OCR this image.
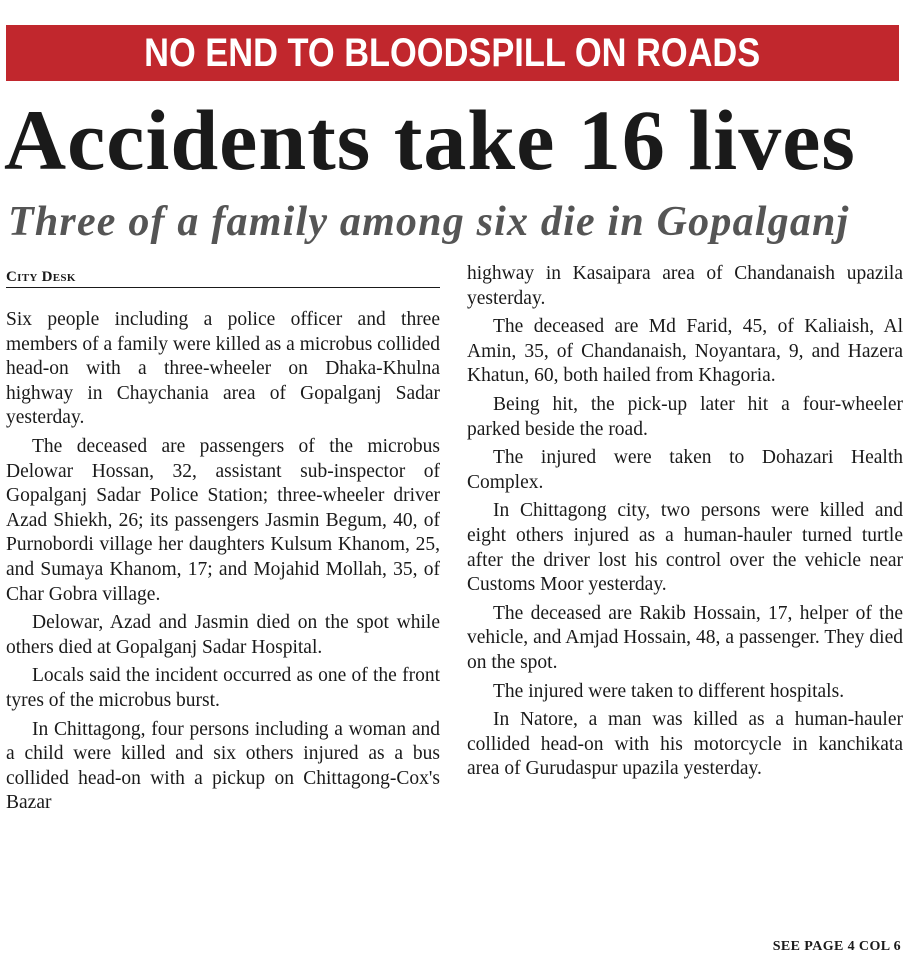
NO END TO BLOODSPILL ON ROADS
Accidents take 16 lives
Three of a family among six die in Gopalganj
City Desk

Six people including a police officer and three members of a family were killed as a microbus collided head-on with a three-wheeler on Dhaka-Khulna highway in Chaychania area of Gopalganj Sadar yesterday.

The deceased are passengers of the microbus Delowar Hossan, 32, assistant sub-inspector of Gopalganj Sadar Police Station; three-wheeler driver Azad Shiekh, 26; its passengers Jasmin Begum, 40, of Purnobordi village her daughters Kulsum Khanom, 25, and Sumaya Khanom, 17; and Mojahid Mollah, 35, of Char Gobra village.

Delowar, Azad and Jasmin died on the spot while others died at Gopalganj Sadar Hospital.

Locals said the incident occurred as one of the front tyres of the microbus burst.

In Chittagong, four persons including a woman and a child were killed and six others injured as a bus collided head-on with a pickup on Chittagong-Cox's Bazar

highway in Kasaipara area of Chandanaish upazila yesterday.

The deceased are Md Farid, 45, of Kaliaish, Al Amin, 35, of Chandanaish, Noyantara, 9, and Hazera Khatun, 60, both hailed from Khagoria.

Being hit, the pick-up later hit a four-wheeler parked beside the road.

The injured were taken to Dohazari Health Complex.

In Chittagong city, two persons were killed and eight others injured as a human-hauler turned turtle after the driver lost his control over the vehicle near Customs Moor yesterday.

The deceased are Rakib Hossain, 17, helper of the vehicle, and Amjad Hossain, 48, a passenger. They died on the spot.

The injured were taken to different hospitals.

In Natore, a man was killed as a human-hauler collided head-on with his motorcycle in kanchikata area of Gurudaspur upazila yesterday.

SEE PAGE 4 COL 6
